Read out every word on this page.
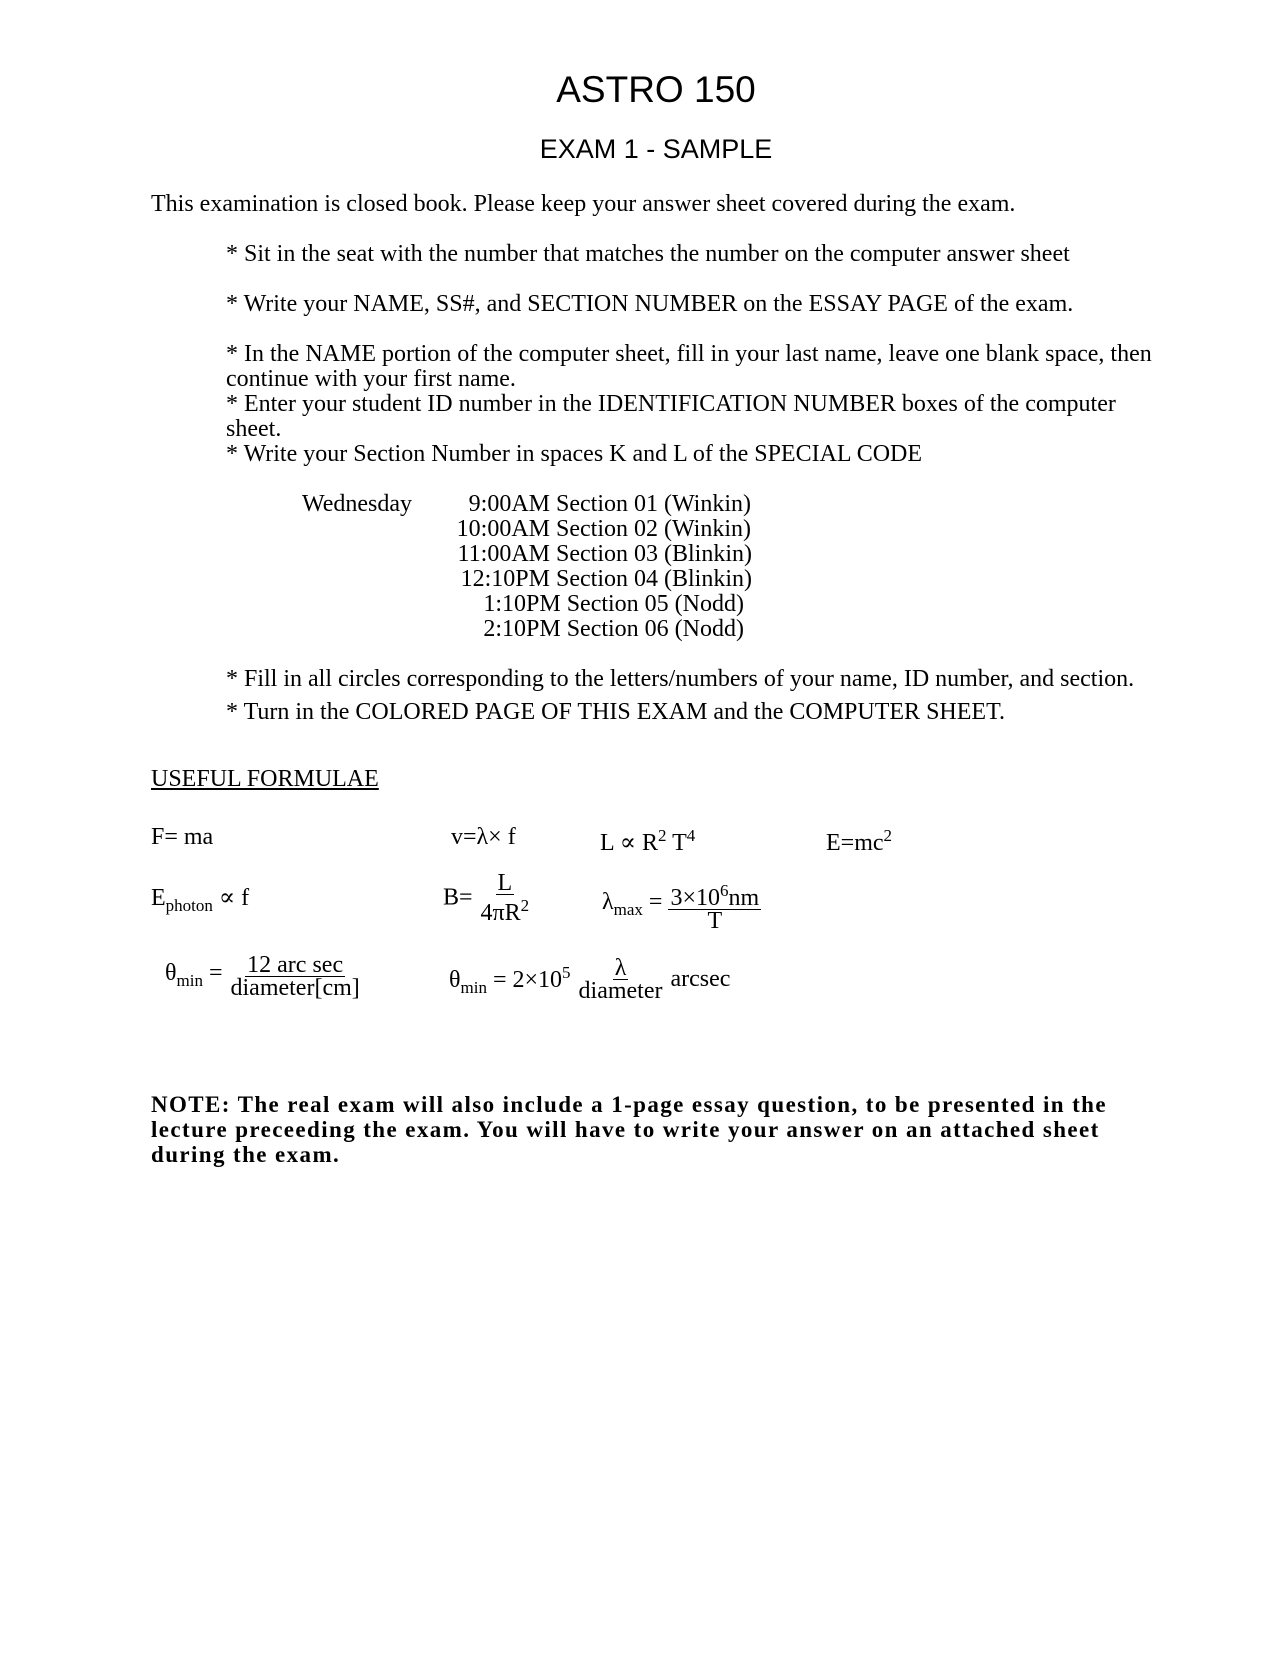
ASTRO 150
EXAM 1 - SAMPLE
This examination is closed book. Please keep your answer sheet covered during the exam.
* Sit in the seat with the number that matches the number on the computer answer sheet
* Write your NAME, SS#, and SECTION NUMBER on the ESSAY PAGE of the exam.
* In the NAME portion of the computer sheet, fill in your last name, leave one blank space, then continue with your first name.
* Enter your student ID number in the IDENTIFICATION NUMBER boxes of the computer sheet.
* Write your Section Number in spaces K and L of the SPECIAL CODE
Wednesday	9:00AM Section 01 (Winkin)
10:00AM Section 02 (Winkin)
11:00AM Section 03 (Blinkin)
12:10PM Section 04 (Blinkin)
1:10PM Section 05 (Nodd)
2:10PM Section 06 (Nodd)
* Fill in all circles corresponding to the letters/numbers of your name, ID number, and section.
* Turn in the COLORED PAGE OF THIS EXAM and the COMPUTER SHEET.
USEFUL FORMULAE
F= ma	v=λ× f	$L \propto R^2$ $T^4$	$E=mc^2$
$E_{photon} \propto f$	$B= \frac{L}{4\pi R^2}$	$\lambda_{max} = \frac{3\times 10^6nm}{T}$
$\theta_{min} = \frac{\text{12 arc sec}}{\text{diameter[cm]}}$	$\theta_{min} = 2\times 10^5 \frac{\lambda}{\text{diameter}}$ arcsec
NOTE: The real exam will also include a 1-page essay question, to be presented in the lecture preceeding the exam. You will have to write your answer on an attached sheet during the exam.
